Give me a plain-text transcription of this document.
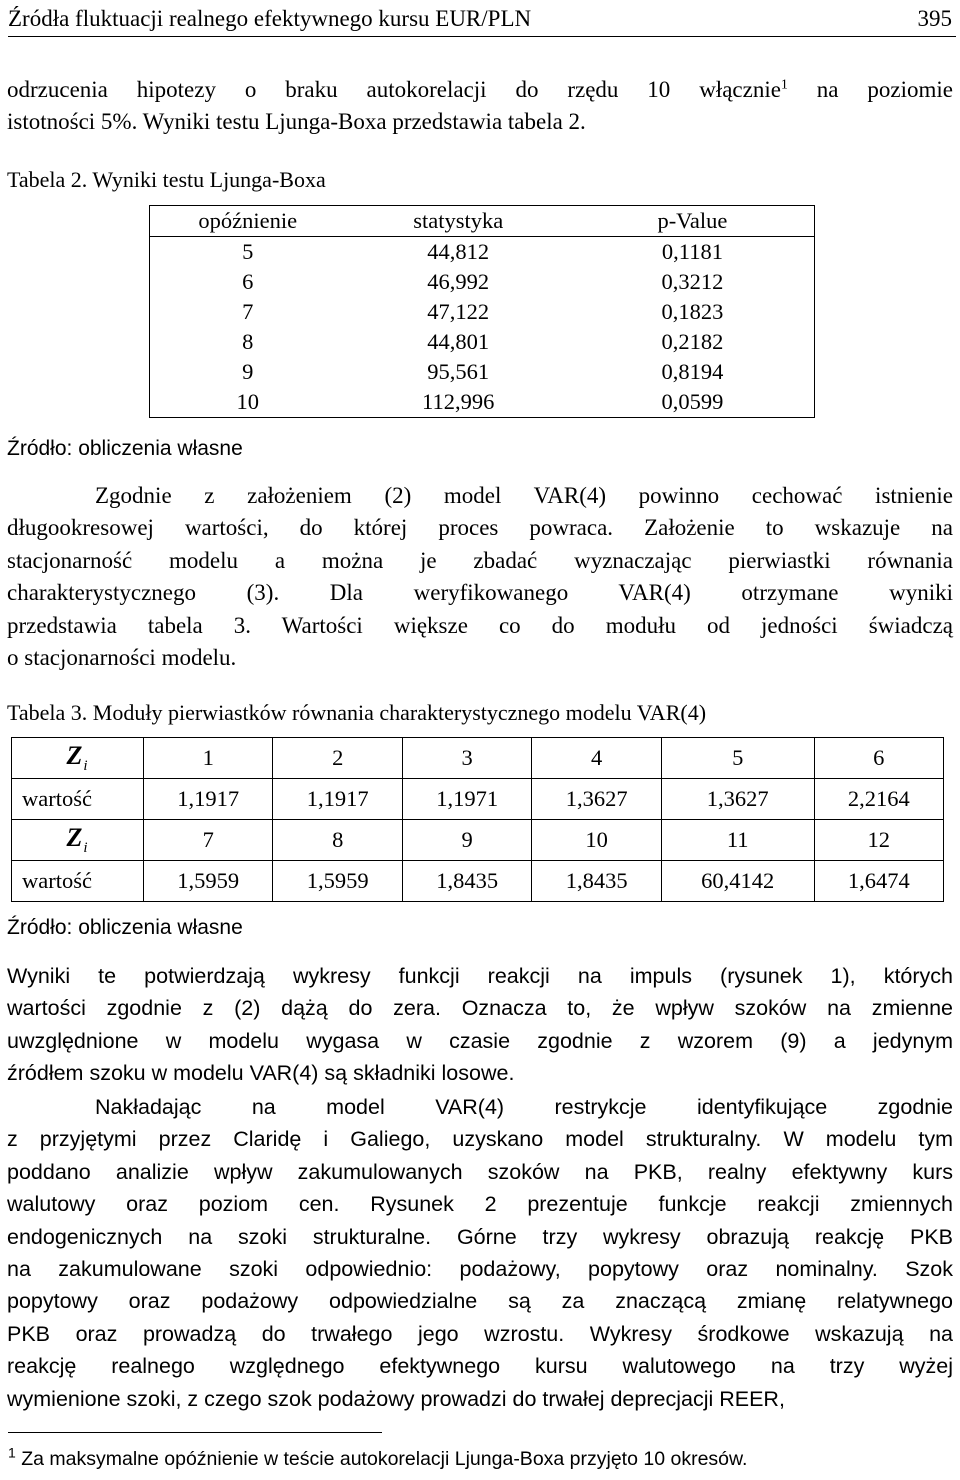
Źródła fluktuacji realnego efektywnego kursu EUR/PLN	395

odrzucenia hipotezy o braku autokorelacji do rzędu 10 włącznie$^1$ na poziomie
istotności 5%. Wyniki testu Ljunga-Boxa przedstawia tabela 2.

Tabela 2. Wyniki testu Ljunga-Boxa
opóźnienie	statystyka	p-Value
5	44,812	0,1181
6	46,992	0,3212
7	47,122	0,1823
8	44,801	0,2182
9	95,561	0,8194
10	112,996	0,0599
Źródło: obliczenia własne

Zgodnie z założeniem (2) model VAR(4) powinno cechować istnienie
długookresowej wartości, do której proces powraca. Założenie to wskazuje na
stacjonarność modelu a można je zbadać wyznaczając pierwiastki równania
charakterystycznego (3). Dla weryfikowanego VAR(4) otrzymane wyniki
przedstawia tabela 3. Wartości większe co do modułu od jedności świadczą
o stacjonarności modelu.

Tabela 3. Moduły pierwiastków równania charakterystycznego modelu VAR(4)
$Z_i$	1	2	3	4	5	6
wartość	1,1917	1,1917	1,1971	1,3627	1,3627	2,2164
$Z_i$	7	8	9	10	11	12
wartość	1,5959	1,5959	1,8435	1,8435	60,4142	1,6474
Źródło: obliczenia własne

Wyniki te potwierdzają wykresy funkcji reakcji na impuls (rysunek 1), których
wartości zgodnie z (2) dążą do zera. Oznacza to, że wpływ szoków na zmienne
uwzględnione w modelu wygasa w czasie zgodnie z wzorem (9) a jedynym
źródłem szoku w modelu VAR(4) są składniki losowe.

Nakładając na model VAR(4) restrykcje identyfikujące zgodnie
z przyjętymi przez Claridę i Galiego, uzyskano model strukturalny. W modelu tym
poddano analizie wpływ zakumulowanych szoków na PKB, realny efektywny kurs
walutowy oraz poziom cen. Rysunek 2 prezentuje funkcje reakcji zmiennych
endogenicznych na szoki strukturalne. Górne trzy wykresy obrazują reakcję PKB
na zakumulowane szoki odpowiednio: podażowy, popytowy oraz nominalny. Szok
popytowy oraz podażowy odpowiedzialne są za znaczącą zmianę relatywnego
PKB oraz prowadzą do trwałego jego wzrostu. Wykresy środkowe wskazują na
reakcję realnego względnego efektywnego kursu walutowego na trzy wyżej
wymienione szoki, z czego szok podażowy prowadzi do trwałej deprecjacji REER,

$^1$ Za maksymalne opóźnienie w teście autokorelacji Ljunga-Boxa przyjęto 10 okresów.
